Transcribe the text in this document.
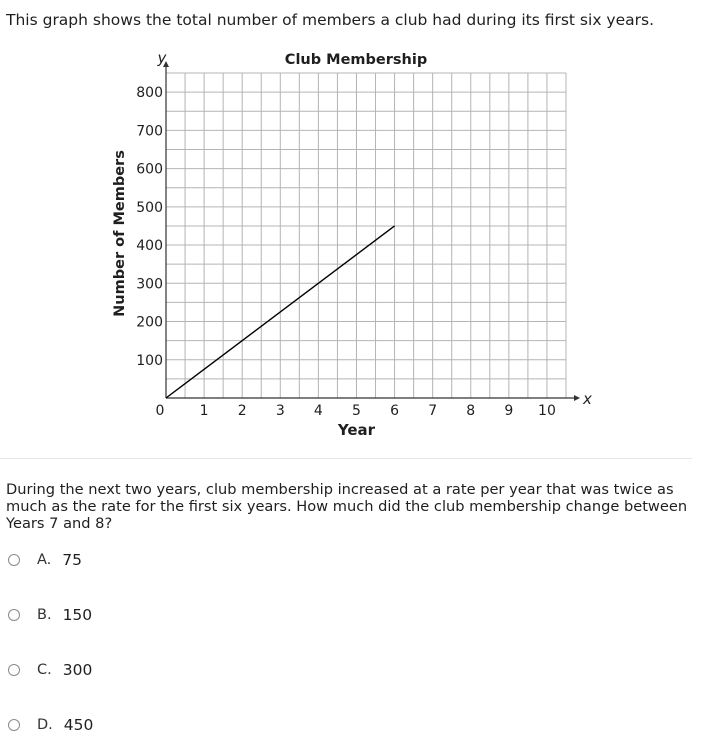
This graph shows the total number of members a club had during its first six years.
Club Membership
Year
Number of Members
x
y
0	1 2 3 4 5 6 7 8 9 10
100
200
300
400
500
600
700
800
During the next two years, club membership increased at a rate per year that was twice as much as the rate for the first six years. How much did the club membership change between Years 7 and 8?
A. 75
B. 150
C. 300
D. 450
